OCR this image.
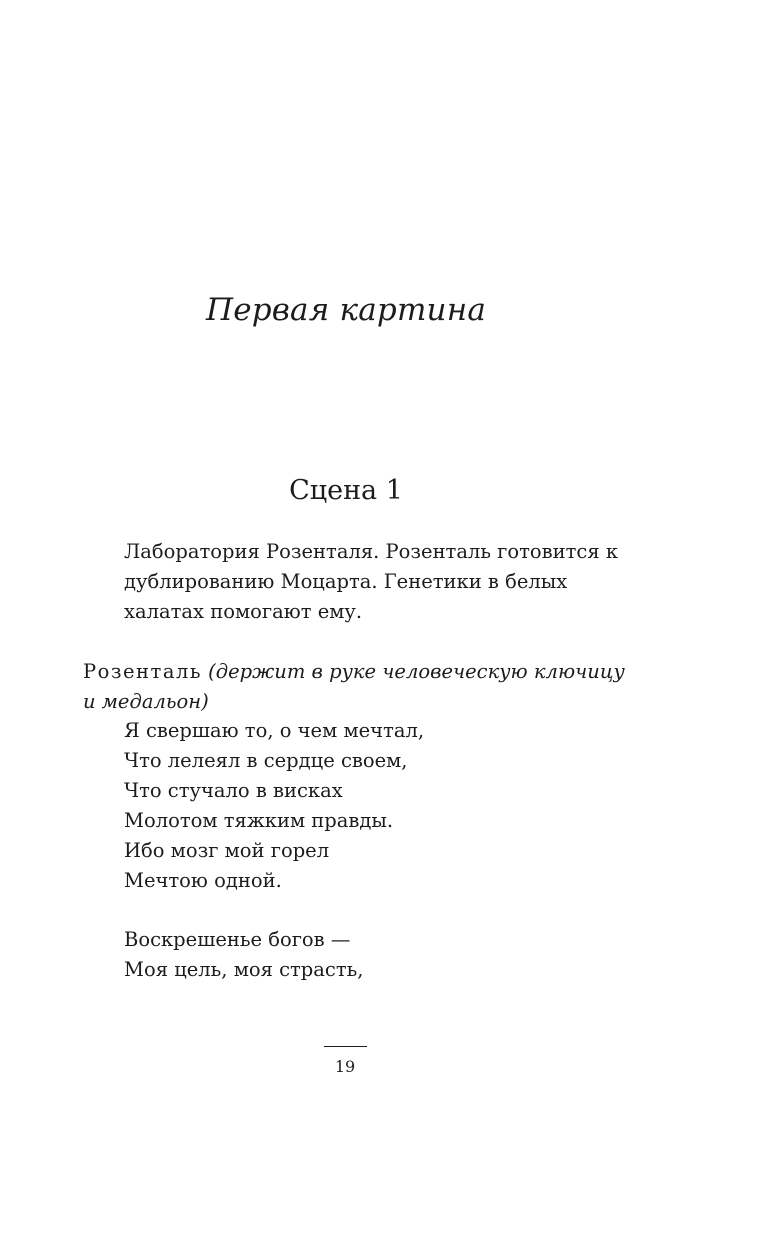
Первая картина
Сцена 1
Лаборатория Розенталя. Розенталь готовится к дублированию Моцарта. Генетики в белых халатах помогают ему.
Розенталь (держит в руке человеческую ключицу и медальон)
Я свершаю то, о чем мечтал,
Что лелеял в сердце своем,
Что стучало в висках
Молотом тяжким правды.
Ибо мозг мой горел
Мечтою одной.
Воскрешенье богов —
Моя цель, моя страсть,
19
